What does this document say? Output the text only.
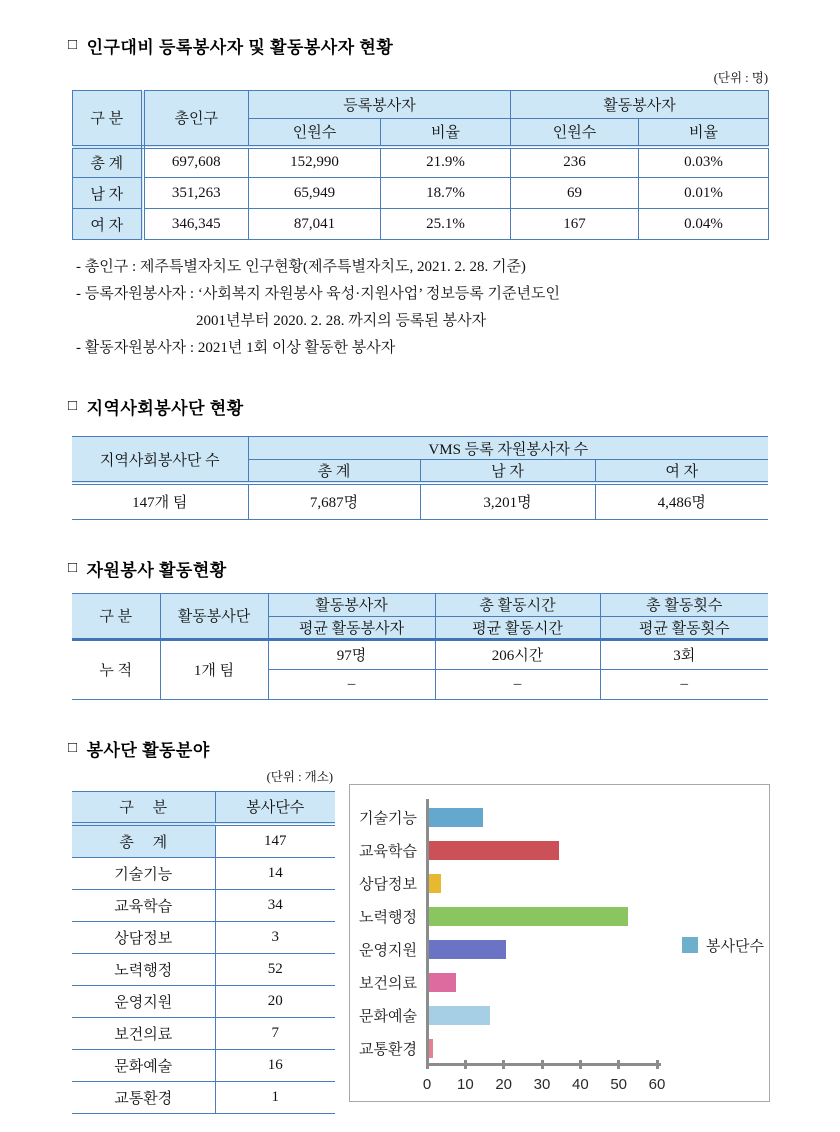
□ 인구대비 등록봉사자 및 활동봉사자 현황
(단위 : 명)
구 분	총인구	등록봉사자		활동봉사자	
		인원수	비율	인원수	비율
총 계	697,608	152,990	21.9%	236	0.03%
남 자	351,263	65,949	18.7%	69	0.01%
여 자	346,345	87,041	25.1%	167	0.04%
- 총인구 : 제주특별자치도 인구현황(제주특별자치도, 2021. 2. 28. 기준)
- 등록자원봉사자 : ‘사회복지 자원봉사 육성·지원사업’ 정보등록 기준년도인
2001년부터 2020. 2. 28. 까지의 등록된 봉사자
- 활동자원봉사자 : 2021년 1회 이상 활동한 봉사자
□ 지역사회봉사단 현황
지역사회봉사단 수	VMS 등록 자원봉사자 수		
	총 계	남 자	여 자
147개 팀	7,687명	3,201명	4,486명
□ 자원봉사 활동현황
구 분	활동봉사단	활동봉사자	총 활동시간	총 활동횟수
		평균 활동봉사자	평균 활동시간	평균 활동횟수
누 적	1개 팀	97명	206시간	3회
		–	–	–
□ 봉사단 활동분야
(단위 : 개소)
구     분	봉사단수
총     계	147
기술기능	14
교육학습	34
상담정보	3
노력행정	52
운영지원	20
보건의료	7
문화예술	16
교통환경	1
기술기능
교육학습
상담정보
노력행정
운영지원
보건의료
문화예술
교통환경
0	10	20	30	40	50	60
봉사단수
